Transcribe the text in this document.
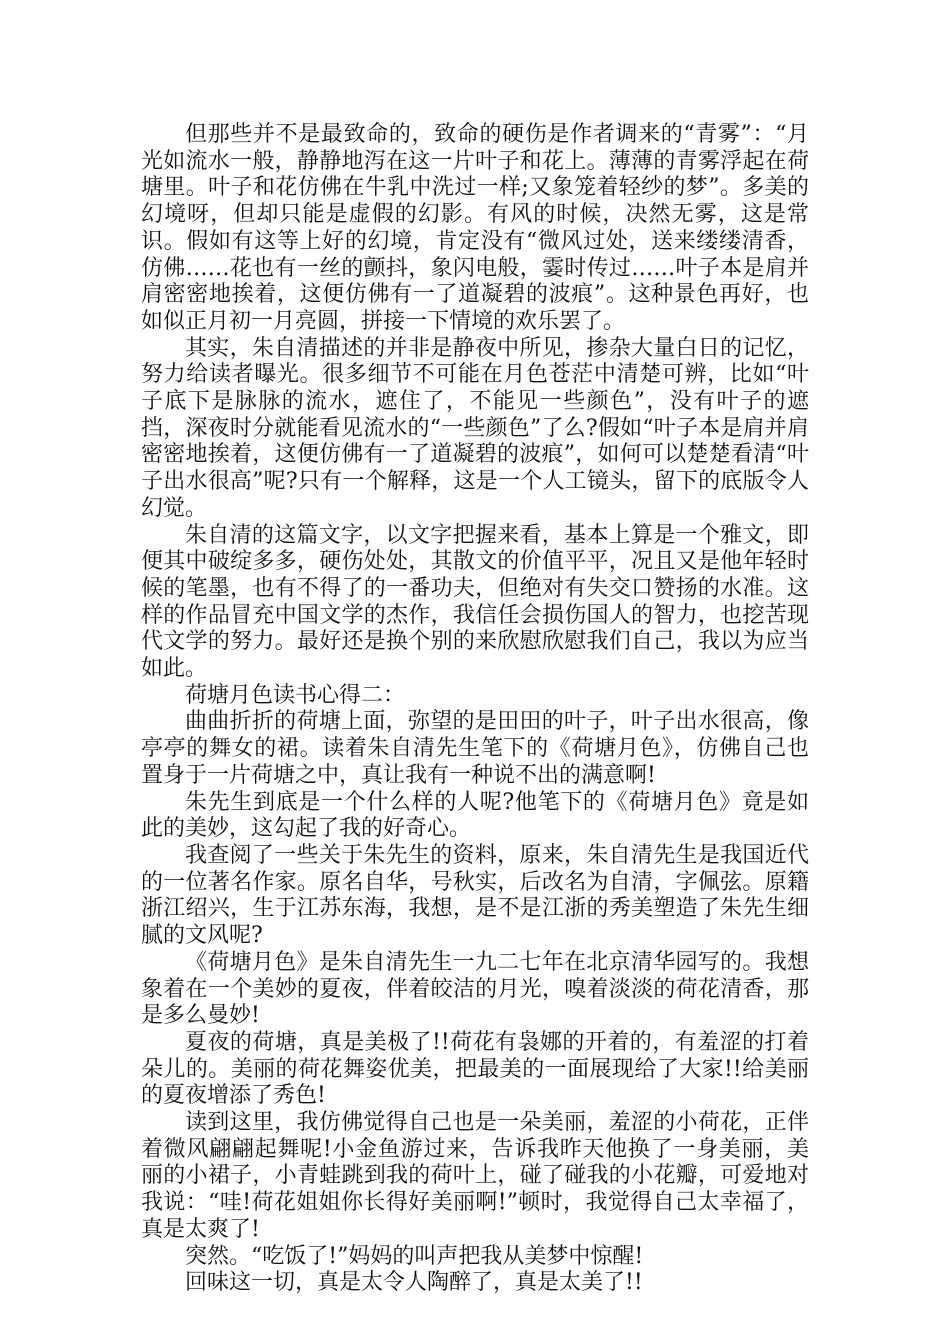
但那些并不是最致命的，致命的硬伤是作者调来的“青雾”：“月光如流水一般，静静地泻在这一片叶子和花上。薄薄的青雾浮起在荷塘里。叶子和花仿佛在牛乳中洗过一样;又象笼着轻纱的梦”。多美的幻境呀，但却只能是虚假的幻影。有风的时候，决然无雾，这是常识。假如有这等上好的幻境，肯定没有“微风过处，送来缕缕清香，仿佛……花也有一丝的颤抖，象闪电般，霎时传过……叶子本是肩并肩密密地挨着，这便仿佛有一了道凝碧的波痕”。这种景色再好，也如似正月初一月亮圆，拼接一下情境的欢乐罢了。

其实，朱自清描述的并非是静夜中所见，掺杂大量白日的记忆，努力给读者曝光。很多细节不可能在月色苍茫中清楚可辨，比如“叶子底下是脉脉的流水，遮住了，不能见一些颜色”，没有叶子的遮挡，深夜时分就能看见流水的“一些颜色”了么?假如“叶子本是肩并肩密密地挨着，这便仿佛有一了道凝碧的波痕”，如何可以楚楚看清“叶子出水很高”呢?只有一个解释，这是一个人工镜头，留下的底版令人幻觉。

朱自清的这篇文字，以文字把握来看，基本上算是一个雅文，即便其中破绽多多，硬伤处处，其散文的价值平平，况且又是他年轻时候的笔墨，也有不得了的一番功夫，但绝对有失交口赞扬的水准。这样的作品冒充中国文学的杰作，我信任会损伤国人的智力，也挖苦现代文学的努力。最好还是换个别的来欣慰欣慰我们自己，我以为应当如此。

荷塘月色读书心得二：

曲曲折折的荷塘上面，弥望的是田田的叶子，叶子出水很高，像亭亭的舞女的裙。读着朱自清先生笔下的《荷塘月色》，仿佛自己也置身于一片荷塘之中，真让我有一种说不出的满意啊!

朱先生到底是一个什么样的人呢?他笔下的《荷塘月色》竟是如此的美妙，这勾起了我的好奇心。

我查阅了一些关于朱先生的资料，原来，朱自清先生是我国近代的一位著名作家。原名自华，号秋实，后改名为自清，字佩弦。原籍浙江绍兴，生于江苏东海，我想，是不是江浙的秀美塑造了朱先生细腻的文风呢?

《荷塘月色》是朱自清先生一九二七年在北京清华园写的。我想象着在一个美妙的夏夜，伴着皎洁的月光，嗅着淡淡的荷花清香，那是多么曼妙!

夏夜的荷塘，真是美极了!!荷花有袅娜的开着的，有羞涩的打着朵儿的。美丽的荷花舞姿优美，把最美的一面展现给了大家!!给美丽的夏夜增添了秀色!

读到这里，我仿佛觉得自己也是一朵美丽，羞涩的小荷花，正伴着微风翩翩起舞呢!小金鱼游过来，告诉我昨天他换了一身美丽，美丽的小裙子，小青蛙跳到我的荷叶上，碰了碰我的小花瓣，可爱地对我说：“哇!荷花姐姐你长得好美丽啊!”顿时，我觉得自己太幸福了，真是太爽了!

突然。“吃饭了!”妈妈的叫声把我从美梦中惊醒!

回味这一切，真是太令人陶醉了，真是太美了!!
